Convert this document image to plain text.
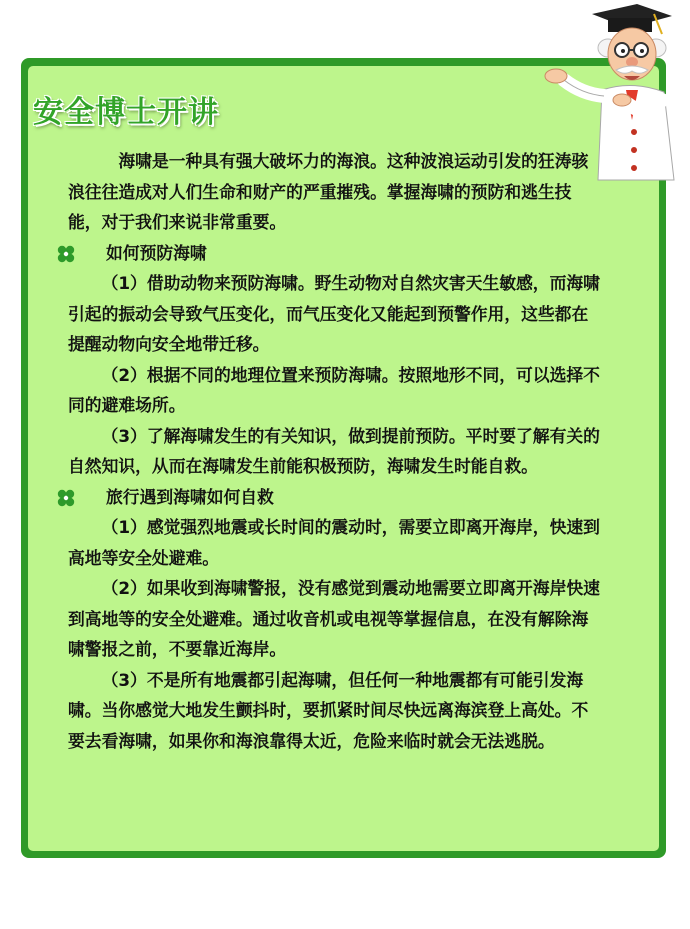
安全博士开讲

海啸是一种具有强大破坏力的海浪。这种波浪运动引发的狂涛骇浪往往造成对人们生命和财产的严重摧残。掌握海啸的预防和逃生技能，对于我们来说非常重要。

如何预防海啸

（1）借助动物来预防海啸。野生动物对自然灾害天生敏感，而海啸引起的振动会导致气压变化，而气压变化又能起到预警作用，这些都在提醒动物向安全地带迁移。

（2）根据不同的地理位置来预防海啸。按照地形不同，可以选择不同的避难场所。

（3）了解海啸发生的有关知识，做到提前预防。平时要了解有关的自然知识，从而在海啸发生前能积极预防，海啸发生时能自救。

旅行遇到海啸如何自救

（1）感觉强烈地震或长时间的震动时，需要立即离开海岸，快速到高地等安全处避难。

（2）如果收到海啸警报，没有感觉到震动地需要立即离开海岸快速到高地等的安全处避难。通过收音机或电视等掌握信息，在没有解除海啸警报之前，不要靠近海岸。

（3）不是所有地震都引起海啸，但任何一种地震都有可能引发海啸。当你感觉大地发生颤抖时，要抓紧时间尽快远离海滨登上高处。不要去看海啸，如果你和海浪靠得太近，危险来临时就会无法逃脱。
